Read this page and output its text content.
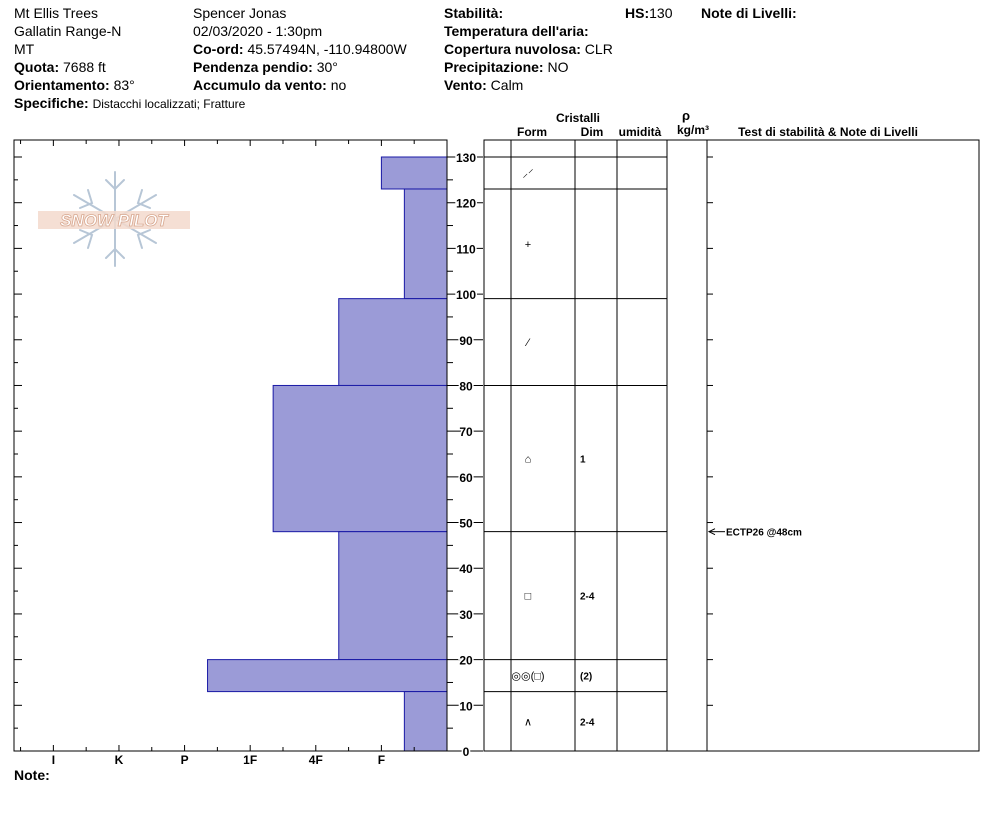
Mt Ellis Trees
Gallatin Range-N
MT
Quota: 7688 ft
Orientamento: 83°
Specifiche: Distacchi localizzati; Fratture
Spencer Jonas
02/03/2020 - 1:30pm
Co-ord: 45.57494N, -110.94800W
Pendenza pendio: 30°
Accumulo da vento: no
Stabilità:
Temperatura dell'aria:
Copertura nuvolosa: CLR
Precipitazione: NO
Vento: Calm
HS:130 Note di Livelli:
Note:
SNOW PILOT
I	K	P	1F	4F	F
0
10
20
30
40
50
60
70
80
90
100
110
120
130
Cristalli
Form	Dim umidità
ρ
kg/m³ Test di stabilità & Note di Livelli
⸝⸍
+
⁄
⌂	1
□	2-4
◎◎(□)	(2)
∧	2-4
ECTP26 @48cm
